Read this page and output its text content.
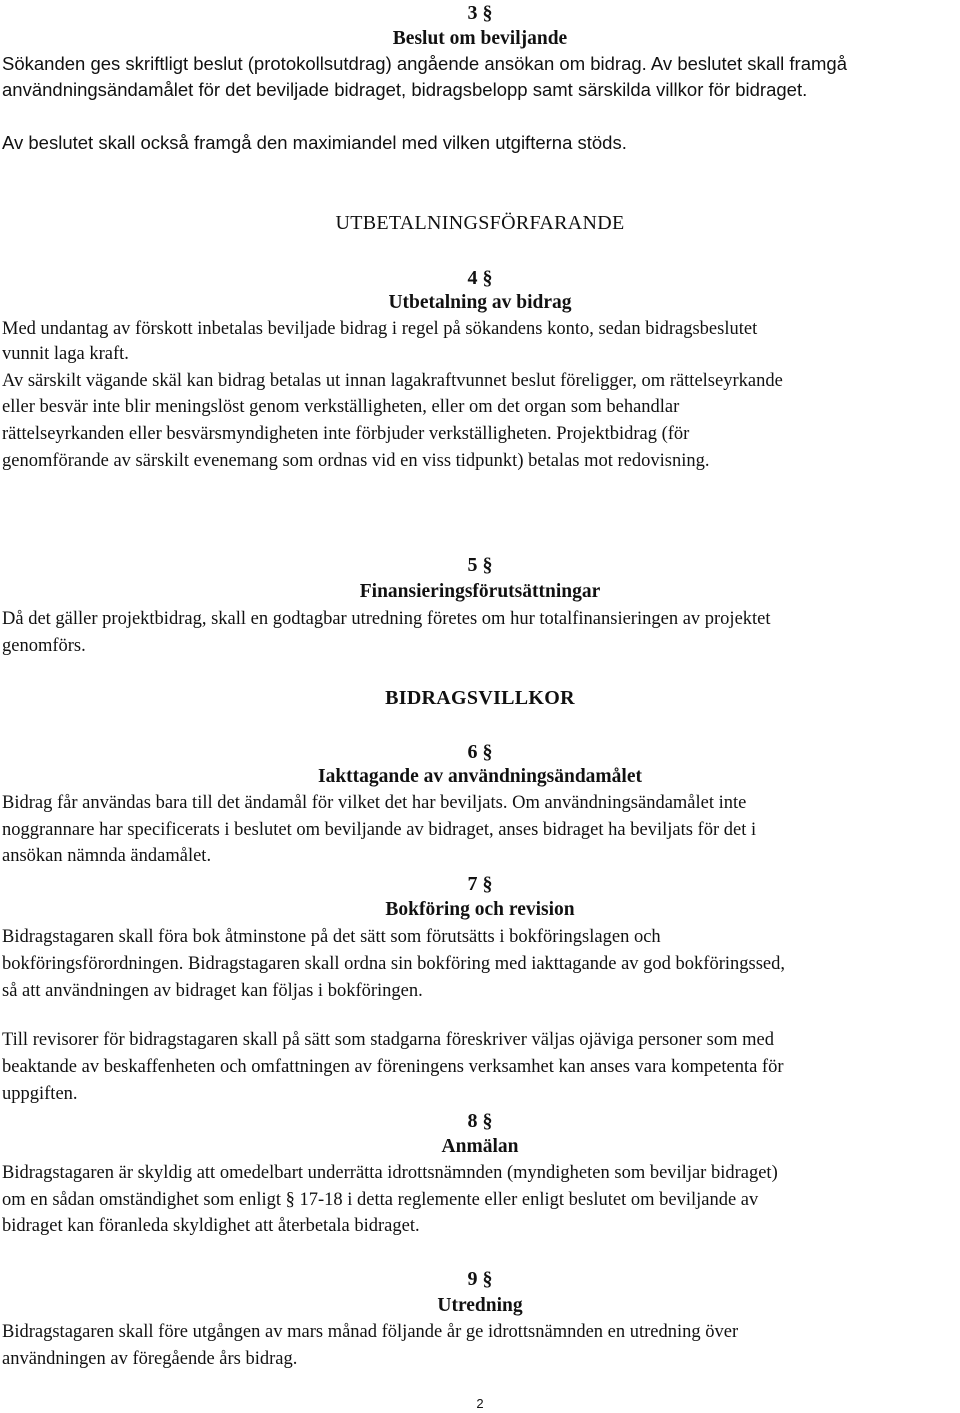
3 §
Beslut om beviljande
Sökanden ges skriftligt beslut (protokollsutdrag) angående ansökan om bidrag. Av beslutet skall framgå
användningsändamålet för det beviljade bidraget, bidragsbelopp samt särskilda villkor för bidraget.
Av beslutet skall också framgå den maximiandel med vilken utgifterna stöds.
UTBETALNINGSFÖRFARANDE
4 §
Utbetalning av bidrag
Med undantag av förskott inbetalas beviljade bidrag i regel på sökandens konto, sedan bidragsbeslutet
vunnit laga kraft.
Av särskilt vägande skäl kan bidrag betalas ut innan lagakraftvunnet beslut föreligger, om rättelseyrkande
eller besvär inte blir meningslöst genom verkställigheten, eller om det organ som behandlar
rättelseyrkanden eller besvärsmyndigheten inte förbjuder verkställigheten. Projektbidrag (för
genomförande av särskilt evenemang som ordnas vid en viss tidpunkt) betalas mot redovisning.
5 §
Finansieringsförutsättningar
Då det gäller projektbidrag, skall en godtagbar utredning företes om hur totalfinansieringen av projektet
genomförs.
BIDRAGSVILLKOR
6 §
Iakttagande av användningsändamålet
Bidrag får användas bara till det ändamål för vilket det har beviljats. Om användningsändamålet inte
noggrannare har specificerats i beslutet om beviljande av bidraget, anses bidraget ha beviljats för det i
ansökan nämnda ändamålet.
7 §
Bokföring och revision
Bidragstagaren skall föra bok åtminstone på det sätt som förutsätts i bokföringslagen och
bokföringsförordningen. Bidragstagaren skall ordna sin bokföring med iakttagande av god bokföringssed,
så att användningen av bidraget kan följas i bokföringen.
Till revisorer för bidragstagaren skall på sätt som stadgarna föreskriver väljas ojäviga personer som med
beaktande av beskaffenheten och omfattningen av föreningens verksamhet kan anses vara kompetenta för
uppgiften.
8 §
Anmälan
Bidragstagaren är skyldig att omedelbart underrätta idrottsnämnden (myndigheten som beviljar bidraget)
om en sådan omständighet som enligt § 17-18 i detta reglemente eller enligt beslutet om beviljande av
bidraget kan föranleda skyldighet att återbetala bidraget.
9 §
Utredning
Bidragstagaren skall före utgången av mars månad följande år ge idrottsnämnden en utredning över
användningen av föregående års bidrag.
2
